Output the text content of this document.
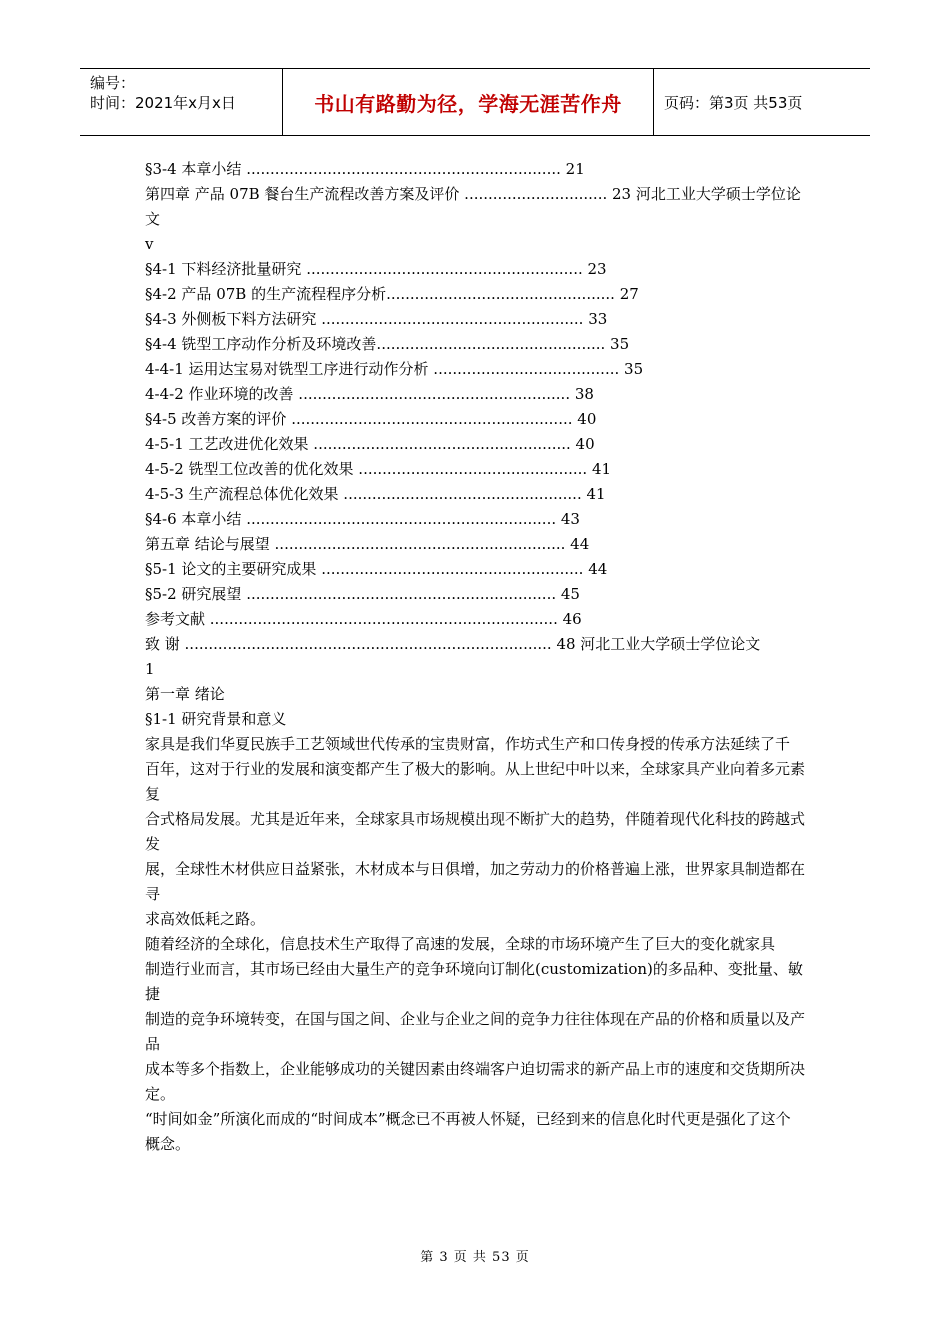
编号：
时间：2021年x月x日	书山有路勤为径，学海无涯苦作舟	页码：第3页 共53页
§3-4 本章小结 .................................................................. 21
第四章 产品 07B 餐台生产流程改善方案及评价 .............................. 23 河北工业大学硕士学位论文
v
§4-1 下料经济批量研究 .......................................................... 23
§4-2 产品 07B 的生产流程程序分析................................................ 27
§4-3 外侧板下料方法研究 ....................................................... 33
§4-4 铣型工序动作分析及环境改善................................................ 35
4-4-1 运用达宝易对铣型工序进行动作分析 ....................................... 35
4-4-2 作业环境的改善 ......................................................... 38
§4-5 改善方案的评价 ........................................................... 40
4-5-1 工艺改进优化效果 ...................................................... 40
4-5-2 铣型工位改善的优化效果 ................................................ 41
4-5-3 生产流程总体优化效果 .................................................. 41
§4-6 本章小结 ................................................................. 43
第五章 结论与展望 ............................................................. 44
§5-1 论文的主要研究成果 ....................................................... 44
§5-2 研究展望 ................................................................. 45
参考文献 ......................................................................... 46
致 谢 ............................................................................. 48 河北工业大学硕士学位论文
1
第一章 绪论
§1-1 研究背景和意义
家具是我们华夏民族手工艺领域世代传承的宝贵财富，作坊式生产和口传身授的传承方法延续了千
百年，这对于行业的发展和演变都产生了极大的影响。从上世纪中叶以来，全球家具产业向着多元素复
合式格局发展。尤其是近年来，全球家具市场规模出现不断扩大的趋势，伴随着现代化科技的跨越式发
展，全球性木材供应日益紧张，木材成本与日俱增，加之劳动力的价格普遍上涨，世界家具制造都在寻
求高效低耗之路。
随着经济的全球化，信息技术生产取得了高速的发展，全球的市场环境产生了巨大的变化就家具
制造行业而言，其市场已经由大量生产的竞争环境向订制化(customization)的多品种、变批量、敏捷
制造的竞争环境转变，在国与国之间、企业与企业之间的竞争力往往体现在产品的价格和质量以及产品
成本等多个指数上，企业能够成功的关键因素由终端客户迫切需求的新产品上市的速度和交货期所决定。
“时间如金”所演化而成的“时间成本”概念已不再被人怀疑，已经到来的信息化时代更是强化了这个
概念。
第 3 页 共 53 页
